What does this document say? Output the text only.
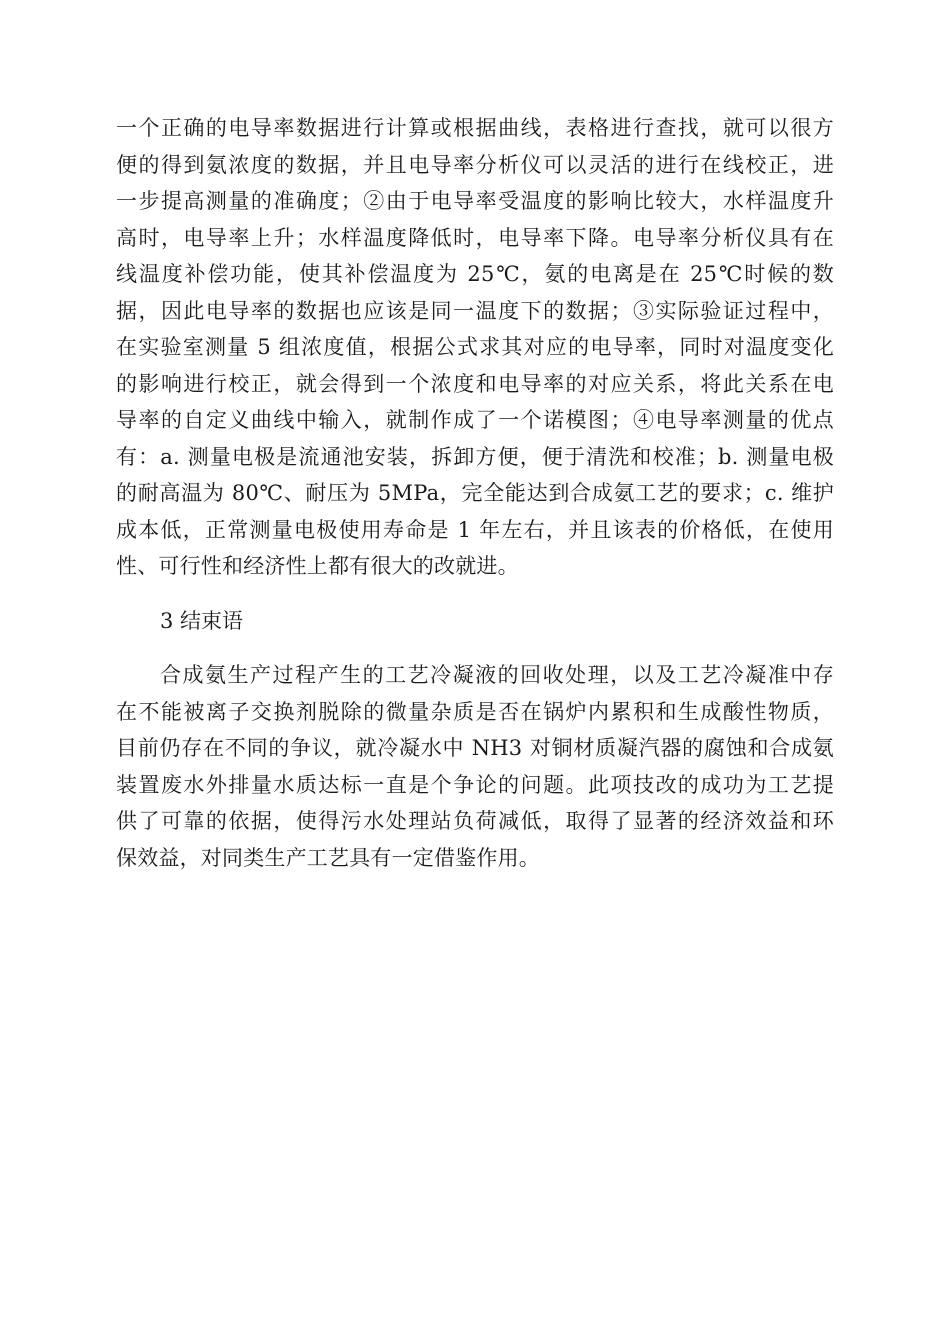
一个正确的电导率数据进行计算或根据曲线，表格进行查找，就可以很方
便的得到氨浓度的数据，并且电导率分析仪可以灵活的进行在线校正，进
一步提高测量的准确度；②由于电导率受温度的影响比较大，水样温度升
高时，电导率上升；水样温度降低时，电导率下降。电导率分析仪具有在
线温度补偿功能，使其补偿温度为 25℃，氨的电离是在 25℃时候的数
据，因此电导率的数据也应该是同一温度下的数据；③实际验证过程中，
在实验室测量 5 组浓度值，根据公式求其对应的电导率，同时对温度变化
的影响进行校正，就会得到一个浓度和电导率的对应关系，将此关系在电
导率的自定义曲线中输入，就制作成了一个诺模图；④电导率测量的优点
有：a. 测量电极是流通池安装，拆卸方便，便于清洗和校准；b. 测量电极
的耐高温为 80℃、耐压为 5MPa，完全能达到合成氨工艺的要求；c. 维护
成本低，正常测量电极使用寿命是 1 年左右，并且该表的价格低，在使用
性、可行性和经济性上都有很大的改就进。
3 结束语
合成氨生产过程产生的工艺冷凝液的回收处理，以及工艺冷凝准中存
在不能被离子交换剂脱除的微量杂质是否在锅炉内累积和生成酸性物质，
目前仍存在不同的争议，就冷凝水中 NH3 对铜材质凝汽器的腐蚀和合成氨
装置废水外排量水质达标一直是个争论的问题。此项技改的成功为工艺提
供了可靠的依据，使得污水处理站负荷减低，取得了显著的经济效益和环
保效益，对同类生产工艺具有一定借鉴作用。
